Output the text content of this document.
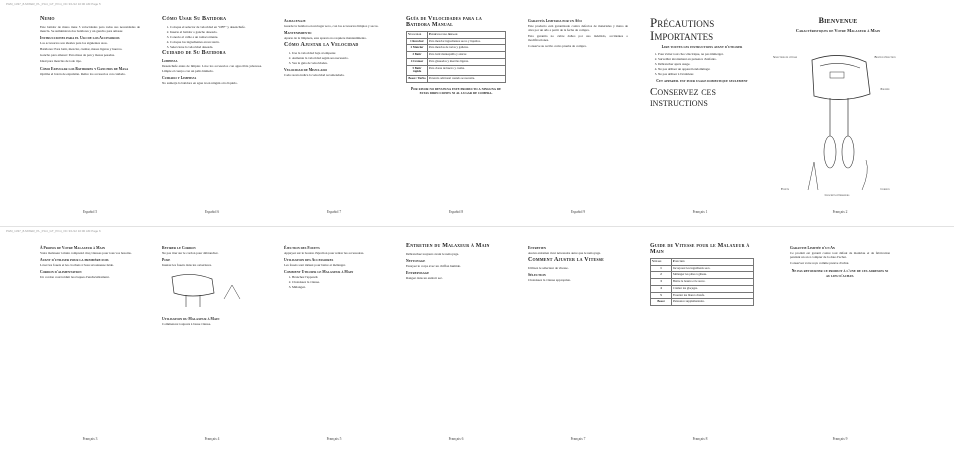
P&M_1337_8-MIXER_PL_Print_GT_Print_OC 3/1/12 10:00 AM Page 5
Nemo

Este batidor de mano tiene 5 velocidades para todas sus necesidades de mezcla. Se suministran dos batidores y un gancho para amasar.

Instrucciones para el Uso de los Accesorios

Los accesorios son ideales para los siguientes usos.

Batidores: Para batir, mezclar, cremar, masas ligeras y huevos.

Gancho para amasar: Para masa de pan y masas pesadas.

Ideal para mezclas de todo tipo.

Cómo Expulsar los Batidores y Ganchos de Masa

Oprima el botón de expulsión. Retire los accesorios con cuidado.

Español 5
Cómo Usar Su Batidora
1. Coloque el selector de velocidad en "OFF" y desenchufe.
2. Inserte el batidor o gancho deseado.
3. Conecte el cable a un tomacorriente.
4. Coloque los ingredientes en un tazón.
5. Seleccione la velocidad deseada.
Cuidado de Su Batidora
Limpieza

Desenchufe antes de limpiar. Lave los accesorios con agua tibia jabonosa. Limpie el cuerpo con un paño húmedo.

Cuidado y Limpieza

No sumerja la batidora en agua ni en ningún otro líquido.

Español 6
Almacenaje

Guarde la batidora en un lugar seco, con los accesorios limpios y secos.

Mantenimiento

Aparte de la limpieza, este aparato no requiere mantenimiento.

Cómo Ajustar la Velocidad
1. Use la velocidad baja al empezar.
2. Aumente la velocidad según sea necesario.
3. Vea la guía de velocidades.
Velocidad de Mezclado

Cada receta indica la velocidad recomendada.

Español 7
Guía de Velocidades para la Batidora Manual
Velocidad	Ejemplos para Amasar
1 Revolver	Para mezclar ingredientes secos y líquidos.
2 Mezclar	Para mezclas de tortas y galletas.
3 Batir	Para batir mantequilla y azúcar.
4 Cremar	Para glaseados y mezclas ligeras.
5 Batir rápido	Para claras de huevo y crema.
Boost / Turbo	Potencia adicional cuando se necesite.
Por favor no devuelva este producto a ninguna de estas direcciones ni al lugar de compra.
Español 8
Garantía Limitada por un Año

Este producto está garantizado contra defectos de materiales y mano de obra por un año a partir de la fecha de compra.

Esta garantía no cubre daños por uso indebido, accidentes o modificaciones.

Conserve su recibo como prueba de compra.

Español 9
Précautions Importantes
Lire toutes les instructions avant d'utiliser
1. Pour éviter tout choc électrique, ne pas immerger.
2. Surveiller étroitement en présence d'enfants.
3. Débrancher après usage.
4. Ne pas utiliser un appareil endommagé.
5. Ne pas utiliser à l'extérieur.
Cet appareil est pour usage domestique seulement
Conservez ces instructions
Français 1
Bienvenue
Caractéristiques de Votre Malaxeur à Main
Sélecteur de vitesse	Bouton d'éjection
Poignée
Fouets
Crochets pétrisseurs
Cordon
Français 2
P&M_1337_8-MIXER_PL_Print_GT_Print_OC 3/1/12 10:00 AM Page 6
À Propos de Votre Malaxeur à Main

Votre malaxeur à main comprend cinq vitesses pour tous vos besoins.

Avant d'utiliser pour la première fois

Laver les fouets et les crochets à l'eau savonneuse tiède.

Cordon d'alimentation

Un cordon court réduit les risques d'enchevêtrement.

Français 3
Retirer le Cordon

Ne pas tirer sur le cordon pour débrancher.

Pose

Insérez les fouets dans les ouvertures.

Utilisation du Malaxeur à Main

Commencez toujours à basse vitesse.

Français 4
Éjection des Fouets

Appuyez sur le bouton d'éjection pour retirer les accessoires.

Utilisation des Accessoires

Les fouets sont idéaux pour battre et mélanger.

Comment Utiliser le Malaxeur à Main
1. Branchez l'appareil.
2. Choisissez la vitesse.
3. Mélangez.
Français 5
Entretien du Malaxeur à Main

Débranchez toujours avant le nettoyage.

Nettoyage

Essuyez le corps avec un chiffon humide.

Entreposage

Rangez dans un endroit sec.

Français 6
Entretien

Aucun entretien n'est nécessaire autre que le nettoyage.

Comment Ajuster la Vitesse

Utilisez le sélecteur de vitesse.

Sélection

Choisissez la vitesse appropriée.

Français 7
Guide de Vitesse pour le Malaxeur à Main
Vitesse	Fonction
1	Incorporer les ingrédients secs.
2	Mélanger les pâtes à gâteau.
3	Battre le beurre et le sucre.
4	Crémer les glaçages.
5	Fouetter les blancs d'œufs.
Boost	Puissance supplémentaire.
Français 8
Garantie Limitée d'un An

Ce produit est garanti contre tout défaut de matériau et de fabrication pendant un an à compter de la date d'achat.

Conservez votre reçu comme preuve d'achat.

Ne pas retourner ce produit à l'une de ces adresses ni au lieu d'achat.
Français 9
